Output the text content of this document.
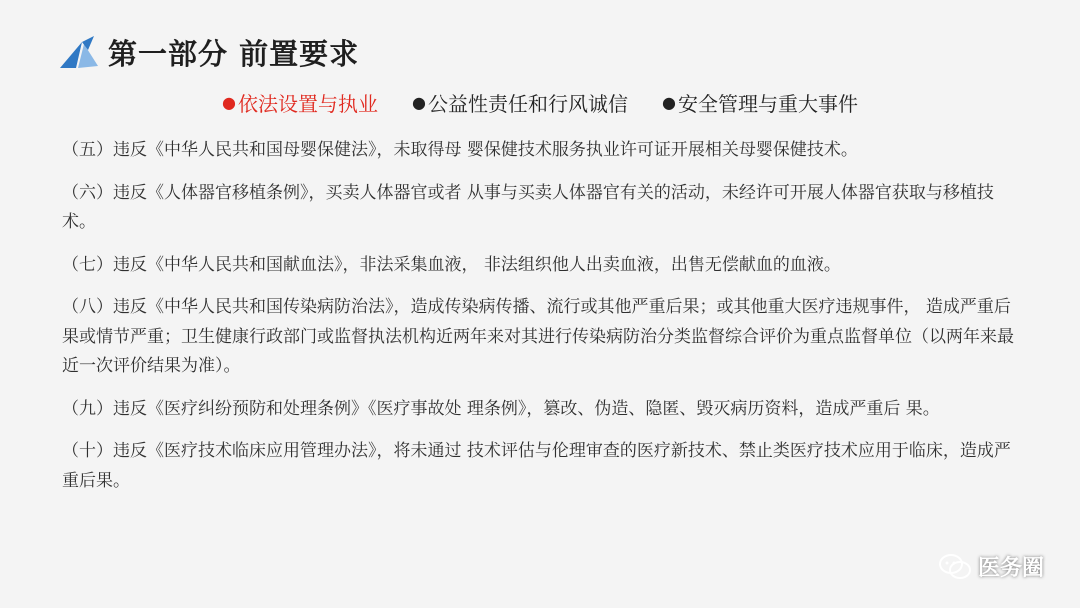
第一部分 前置要求
● 依法设置与执业 ● 公益性责任和行风诚信 ● 安全管理与重大事件

（五）违反《中华人民共和国母婴保健法》，未取得母 婴保健技术服务执业许可证开展相关母婴保健技术。

（六）违反《人体器官移植条例》，买卖人体器官或者 从事与买卖人体器官有关的活动，未经许可开展人体器官获取与移植技术。

（七）违反《中华人民共和国献血法》，非法采集血液， 非法组织他人出卖血液，出售无偿献血的血液。

（八）违反《中华人民共和国传染病防治法》，造成传染病传播、流行或其他严重后果；或其他重大医疗违规事件， 造成严重后果或情节严重；卫生健康行政部门或监督执法机构近两年来对其进行传染病防治分类监督综合评价为重点监督单位（以两年来最近一次评价结果为准）。

（九）违反《医疗纠纷预防和处理条例》《医疗事故处 理条例》，篡改、伪造、隐匿、毁灭病历资料，造成严重后 果。

（十）违反《医疗技术临床应用管理办法》，将未通过 技术评估与伦理审查的医疗新技术、禁止类医疗技术应用于临床，造成严重后果。

医务圈
